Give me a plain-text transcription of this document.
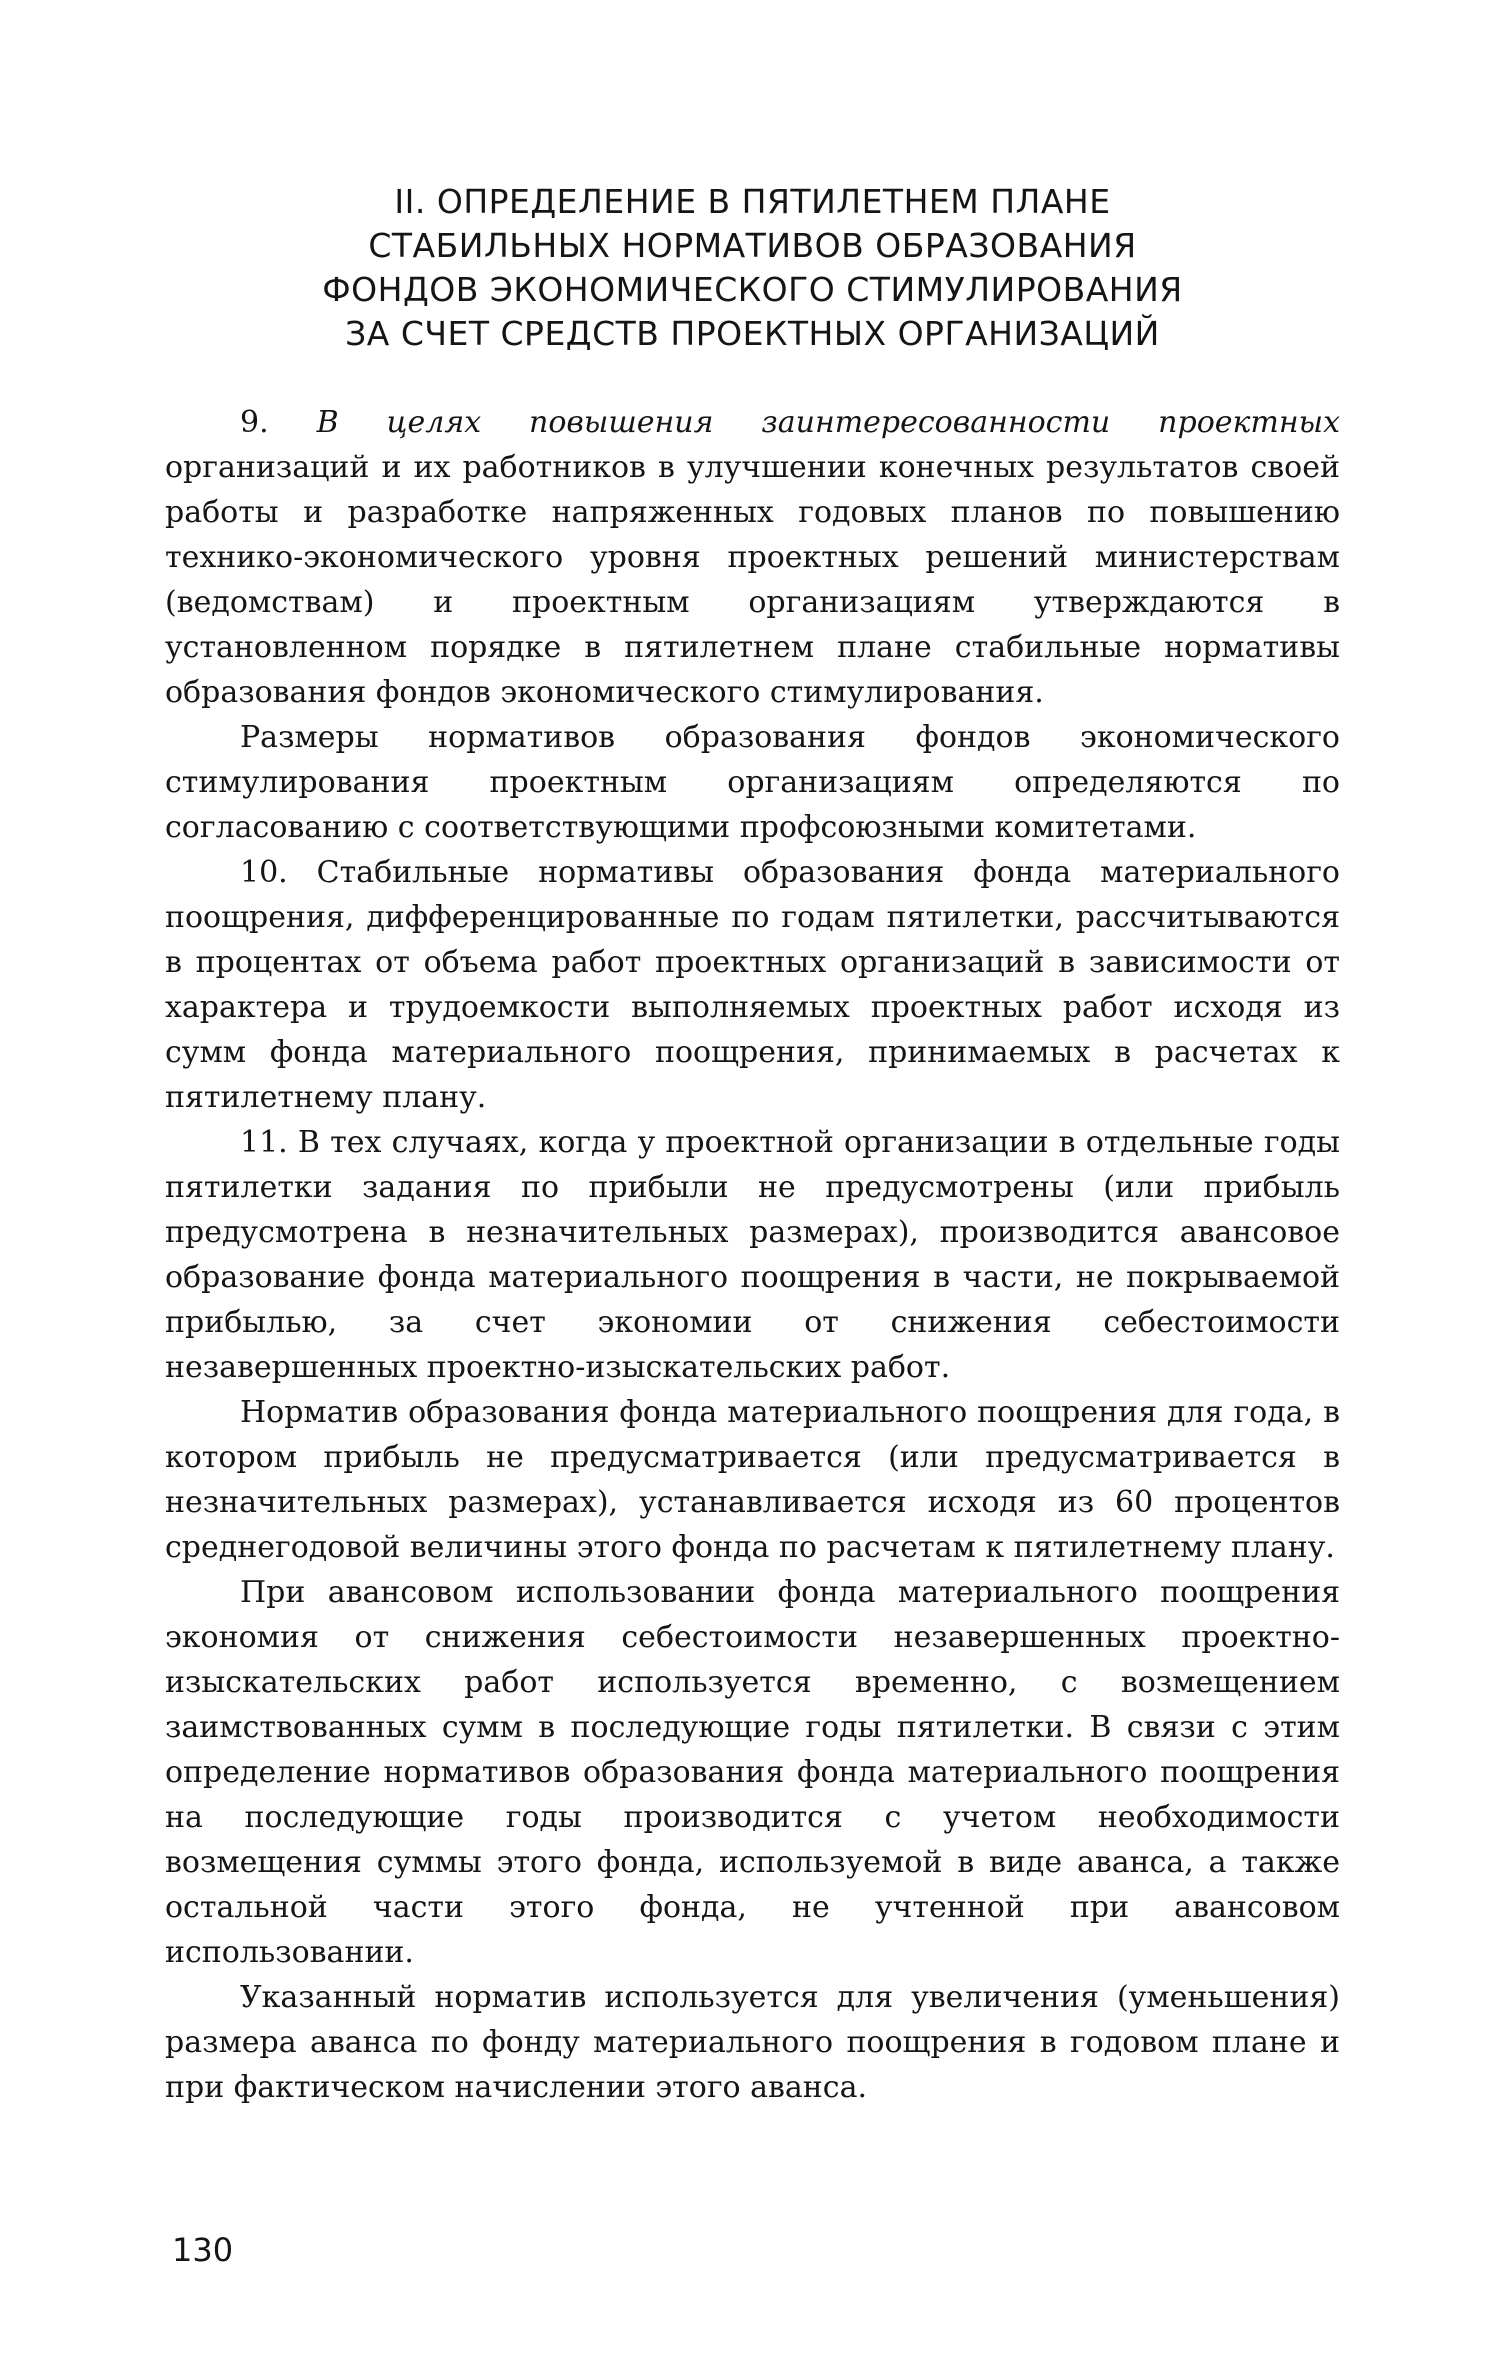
II. ОПРЕДЕЛЕНИЕ В ПЯТИЛЕТНЕМ ПЛАНЕ
СТАБИЛЬНЫХ НОРМАТИВОВ ОБРАЗОВАНИЯ
ФОНДОВ ЭКОНОМИЧЕСКОГО СТИМУЛИРОВАНИЯ
ЗА СЧЕТ СРЕДСТВ ПРОЕКТНЫХ ОРГАНИЗАЦИЙ

9. В целях повышения заинтересованности проектных организаций и их работников в улучшении конечных результатов своей работы и разработке напряженных годовых планов по повышению технико-экономического уровня проектных решений министерствам (ведомствам) и проектным организациям утверждаются в установленном порядке в пятилетнем плане стабильные нормативы образования фондов экономического стимулирования.

Размеры нормативов образования фондов экономического стимулирования проектным организациям определяются по согласованию с соответствующими профсоюзными комитетами.

10. Стабильные нормативы образования фонда материального поощрения, дифференцированные по годам пятилетки, рассчитываются в процентах от объема работ проектных организаций в зависимости от характера и трудоемкости выполняемых проектных работ исходя из сумм фонда материального поощрения, принимаемых в расчетах к пятилетнему плану.

11. В тех случаях, когда у проектной организации в отдельные годы пятилетки задания по прибыли не предусмотрены (или прибыль предусмотрена в незначительных размерах), производится авансовое образование фонда материального поощрения в части, не покрываемой прибылью, за счет экономии от снижения себестоимости незавершенных проектно-изыскательских работ.

Норматив образования фонда материального поощрения для года, в котором прибыль не предусматривается (или предусматривается в незначительных размерах), устанавливается исходя из 60 процентов среднегодовой величины этого фонда по расчетам к пятилетнему плану.

При авансовом использовании фонда материального поощрения экономия от снижения себестоимости незавершенных проектно-изыскательских работ используется временно, с возмещением заимствованных сумм в последующие годы пятилетки. В связи с этим определение нормативов образования фонда материального поощрения на последующие годы производится с учетом необходимости возмещения суммы этого фонда, используемой в виде аванса, а также остальной части этого фонда, не учтенной при авансовом использовании.

Указанный норматив используется для увеличения (уменьшения) размера аванса по фонду материального поощрения в годовом плане и при фактическом начислении этого аванса.

130
